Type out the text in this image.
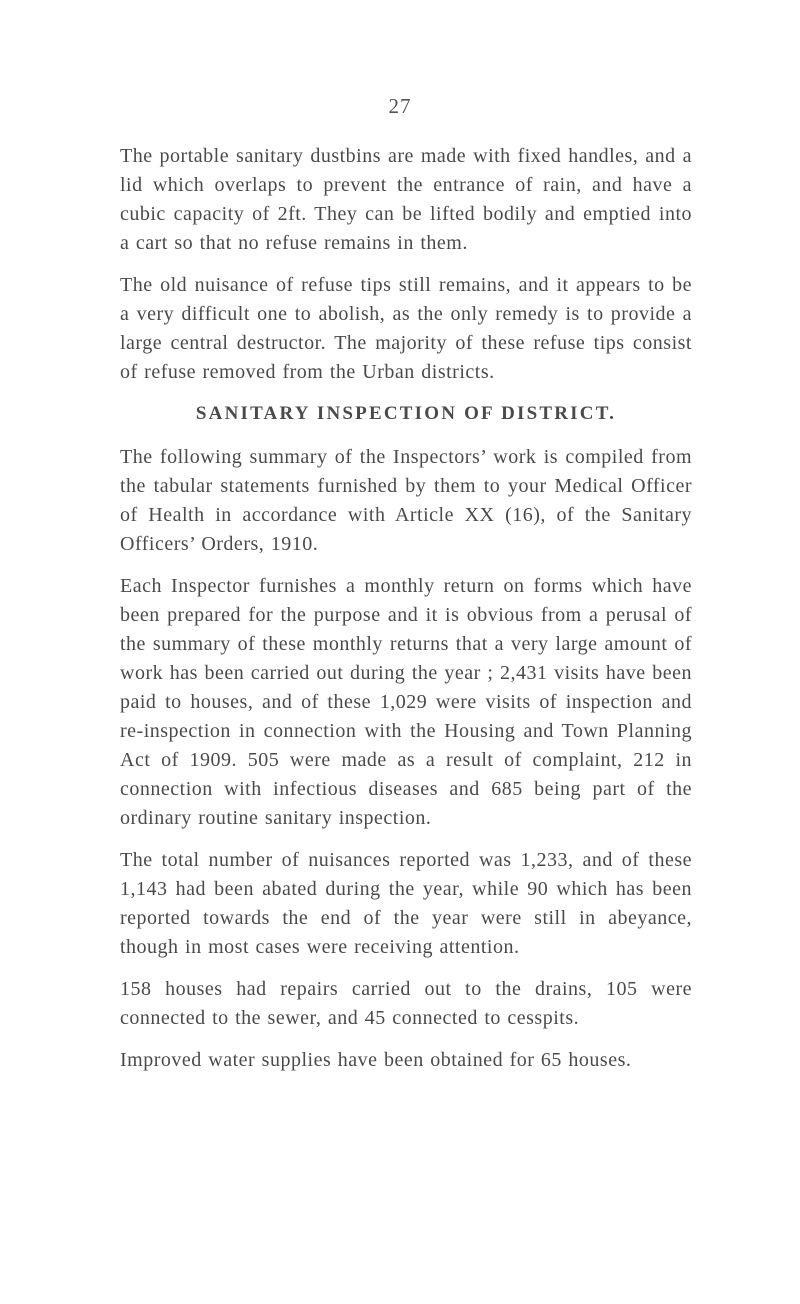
27

The portable sanitary dustbins are made with fixed handles, and a lid which overlaps to prevent the entrance of rain, and have a cubic capacity of 2ft. They can be lifted bodily and emptied into a cart so that no refuse remains in them.

The old nuisance of refuse tips still remains, and it appears to be a very difficult one to abolish, as the only remedy is to provide a large central destructor. The majority of these refuse tips consist of refuse removed from the Urban districts.

SANITARY INSPECTION OF DISTRICT.

The following summary of the Inspectors’ work is compiled from the tabular statements furnished by them to your Medical Officer of Health in accordance with Article XX (16), of the Sanitary Officers’ Orders, 1910.

Each Inspector furnishes a monthly return on forms which have been prepared for the purpose and it is obvious from a perusal of the summary of these monthly returns that a very large amount of work has been carried out during the year ; 2,431 visits have been paid to houses, and of these 1,029 were visits of inspection and re-inspection in connection with the Housing and Town Planning Act of 1909. 505 were made as a result of complaint, 212 in connection with infectious diseases and 685 being part of the ordinary routine sanitary inspection.

The total number of nuisances reported was 1,233, and of these 1,143 had been abated during the year, while 90 which has been reported towards the end of the year were still in abeyance, though in most cases were receiving attention.

158 houses had repairs carried out to the drains, 105 were connected to the sewer, and 45 connected to cesspits.

Improved water supplies have been obtained for 65 houses.
